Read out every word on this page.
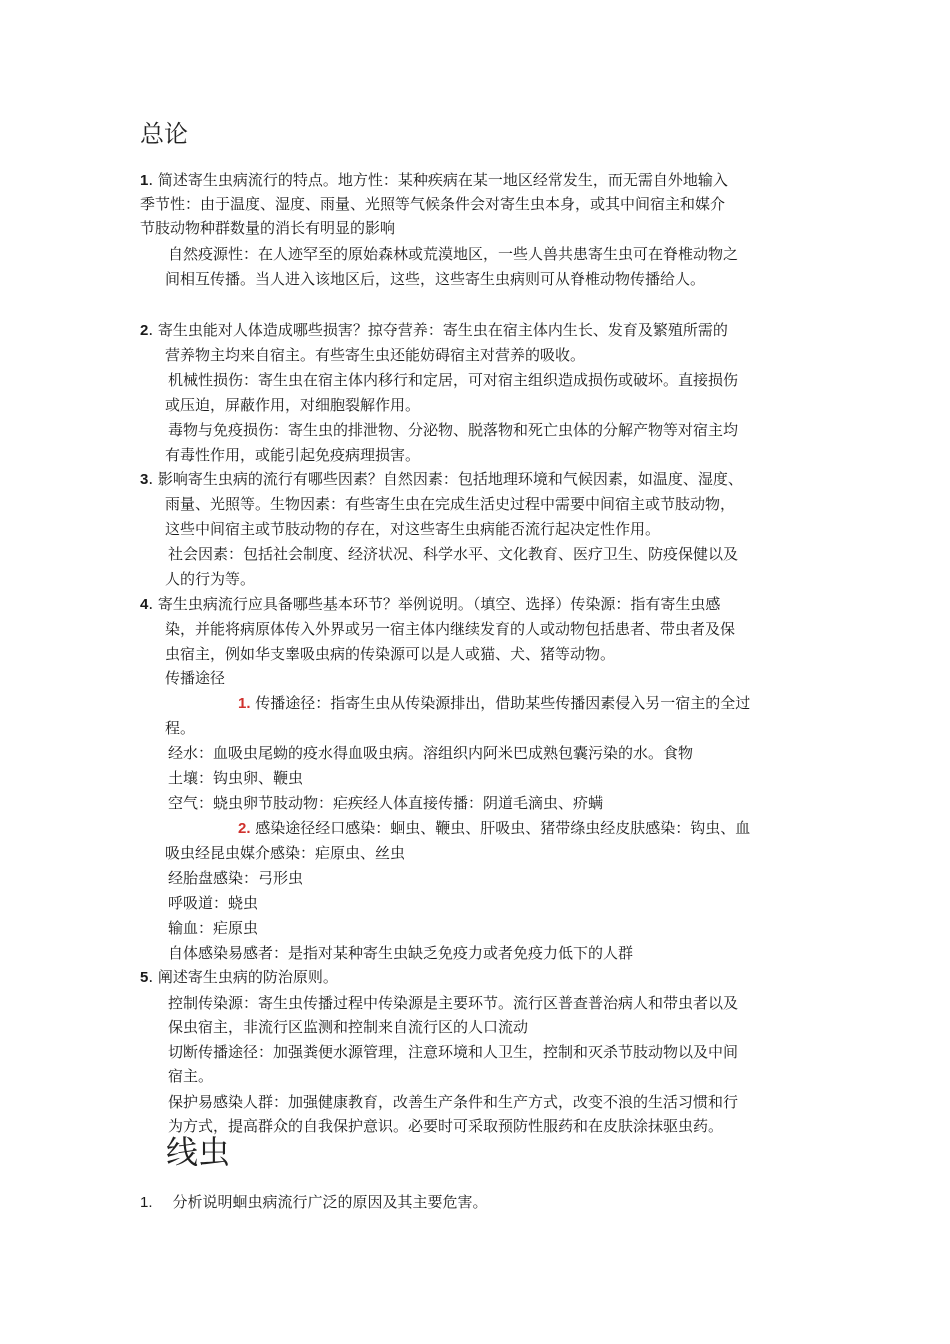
总论
1. 简述寄生虫病流行的特点。地方性：某种疾病在某一地区经常发生，而无需自外地输入
季节性：由于温度、湿度、雨量、光照等气候条件会对寄生虫本身，或其中间宿主和媒介
节肢动物种群数量的消长有明显的影响
自然疫源性：在人迹罕至的原始森林或荒漠地区，一些人兽共患寄生虫可在脊椎动物之
间相互传播。当人进入该地区后，这些，这些寄生虫病则可从脊椎动物传播给人。
2. 寄生虫能对人体造成哪些损害？掠夺营养：寄生虫在宿主体内生长、发育及繁殖所需的
营养物主均来自宿主。有些寄生虫还能妨碍宿主对营养的吸收。
机械性损伤：寄生虫在宿主体内移行和定居，可对宿主组织造成损伤或破坏。直接损伤
或压迫，屏蔽作用，对细胞裂解作用。
毒物与免疫损伤：寄生虫的排泄物、分泌物、脱落物和死亡虫体的分解产物等对宿主均
有毒性作用，或能引起免疫病理损害。
3. 影响寄生虫病的流行有哪些因素？自然因素：包括地理环境和气候因素，如温度、湿度、
雨量、光照等。生物因素：有些寄生虫在完成生活史过程中需要中间宿主或节肢动物，
这些中间宿主或节肢动物的存在，对这些寄生虫病能否流行起决定性作用。
社会因素：包括社会制度、经济状况、科学水平、文化教育、医疗卫生、防疫保健以及
人的行为等。
4. 寄生虫病流行应具备哪些基本环节？举例说明。（填空、选择）传染源：指有寄生虫感
染，并能将病原体传入外界或另一宿主体内继续发育的人或动物包括患者、带虫者及保
虫宿主，例如华支睾吸虫病的传染源可以是人或猫、犬、猪等动物。
传播途径
1. 传播途径：指寄生虫从传染源排出，借助某些传播因素侵入另一宿主的全过
程。
经水：血吸虫尾蚴的疫水得血吸虫病。溶组织内阿米巴成熟包囊污染的水。食物
土壤：钩虫卵、鞭虫
空气：蛲虫卵节肢动物：疟疾经人体直接传播：阴道毛滴虫、疥螨
2. 感染途径经口感染：蛔虫、鞭虫、肝吸虫、猪带绦虫经皮肤感染：钩虫、血
吸虫经昆虫媒介感染：疟原虫、丝虫
经胎盘感染：弓形虫
呼吸道：蛲虫
输血：疟原虫
自体感染易感者：是指对某种寄生虫缺乏免疫力或者免疫力低下的人群
5. 阐述寄生虫病的防治原则。
控制传染源：寄生虫传播过程中传染源是主要环节。流行区普查普治病人和带虫者以及
保虫宿主，非流行区监测和控制来自流行区的人口流动
切断传播途径：加强粪便水源管理，注意环境和人卫生，控制和灭杀节肢动物以及中间
宿主。
保护易感染人群：加强健康教育，改善生产条件和生产方式，改变不浪的生活习惯和行
为方式，提高群众的自我保护意识。必要时可采取预防性服药和在皮肤涂抹驱虫药。
线虫
1. 分析说明蛔虫病流行广泛的原因及其主要危害。
